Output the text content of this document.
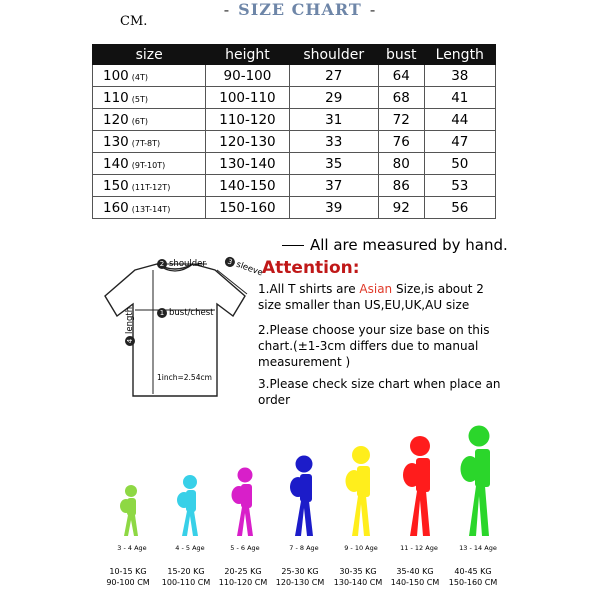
- SIZE CHART -
CM.
size	height	shoulder	bust	Length
100 (4T)	90-100	27	64	38
110 (5T)	100-110	29	68	41
120 (6T)	110-120	31	72	44
130 (7T-8T)	120-130	33	76	47
140 (9T-10T)	130-140	35	80	50
150 (11T-12T)	140-150	37	86	53
160 (13T-14T)	150-160	39	92	56
All are measured by hand.
2 shoulder	3sleeve
1 bust/chest
4length
1inch=2.54cm
Attention:
1.All T shirts are Asian Size,is about 2 size smaller than US,EU,UK,AU size
2.Please choose your size base on this chart.(±1-3cm differs due to manual measurement )
3.Please check size chart when place an order
3 - 4 Age	4 - 5 Age	5 - 6 Age	7 - 8 Age	9 - 10 Age	11 - 12 Age	13 - 14 Age
10-15 KG
90-100 CM
15-20 KG
100-110 CM
20-25 KG
110-120 CM
25-30 KG
120-130 CM
30-35 KG
130-140 CM
35-40 KG
140-150 CM
40-45 KG
150-160 CM
